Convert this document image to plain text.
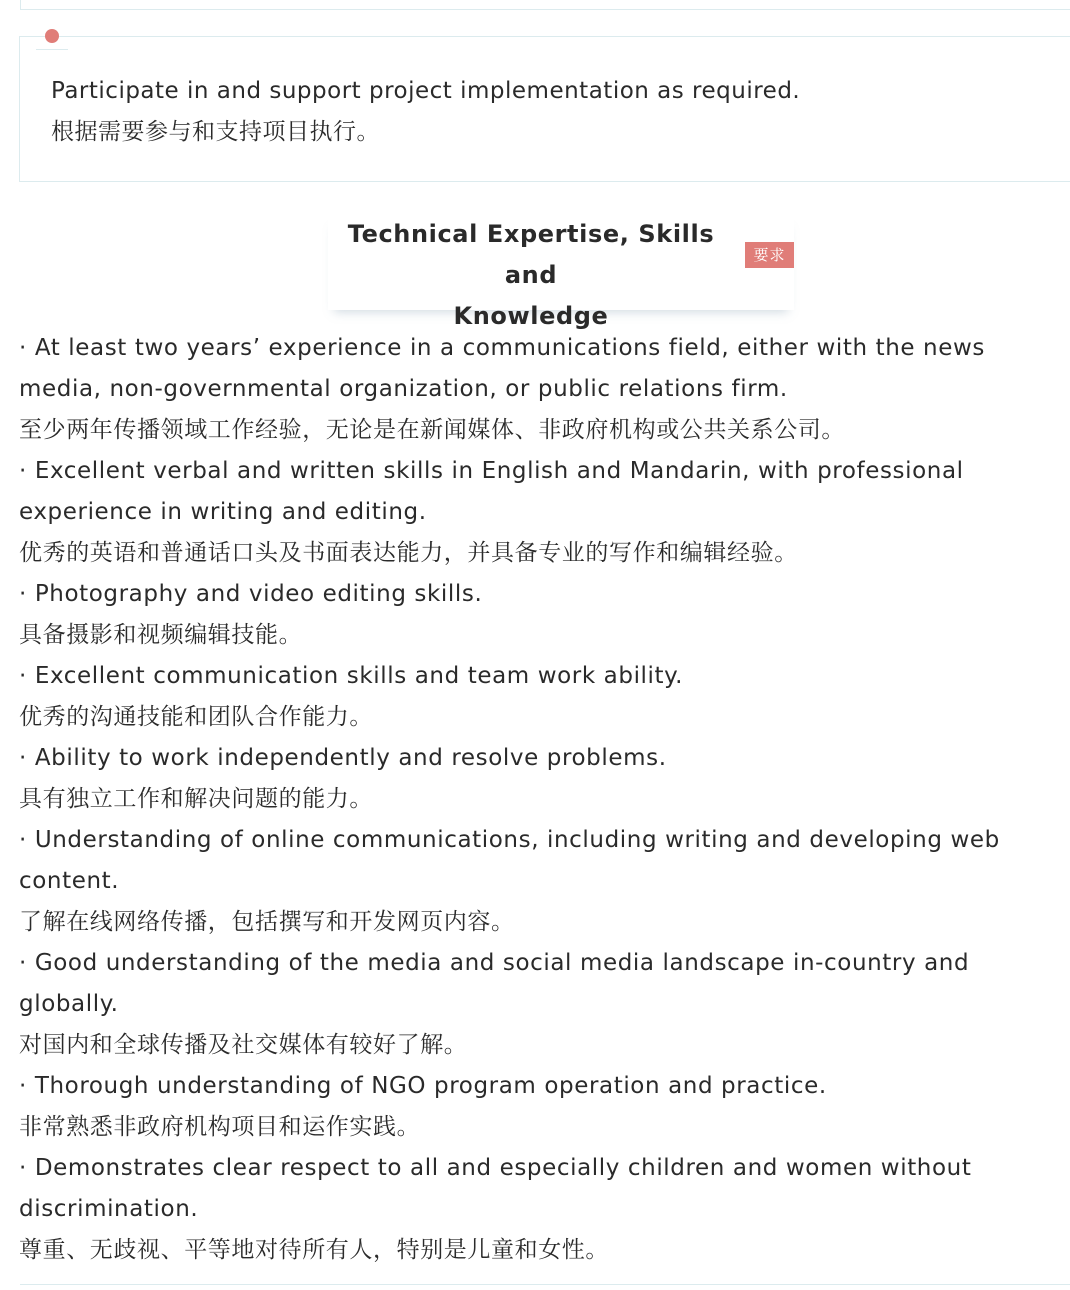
Participate in and support project implementation as required.
根据需要参与和支持项目执行。
Technical Expertise, Skills and
Knowledge
要求
· At least two years’ experience in a communications field, either with the news media, non-governmental organization, or public relations firm.
至少两年传播领域工作经验，无论是在新闻媒体、非政府机构或公共关系公司。
· Excellent verbal and written skills in English and Mandarin, with professional experience in writing and editing.
优秀的英语和普通话口头及书面表达能力，并具备专业的写作和编辑经验。
· Photography and video editing skills.
具备摄影和视频编辑技能。
· Excellent communication skills and team work ability.
优秀的沟通技能和团队合作能力。
· Ability to work independently and resolve problems.
具有独立工作和解决问题的能力。
· Understanding of online communications, including writing and developing web content.
了解在线网络传播，包括撰写和开发网页内容。
· Good understanding of the media and social media landscape in-country and globally.
对国内和全球传播及社交媒体有较好了解。
· Thorough understanding of NGO program operation and practice.
非常熟悉非政府机构项目和运作实践。
· Demonstrates clear respect to all and especially children and women without discrimination.
尊重、无歧视、平等地对待所有人，特别是儿童和女性。
